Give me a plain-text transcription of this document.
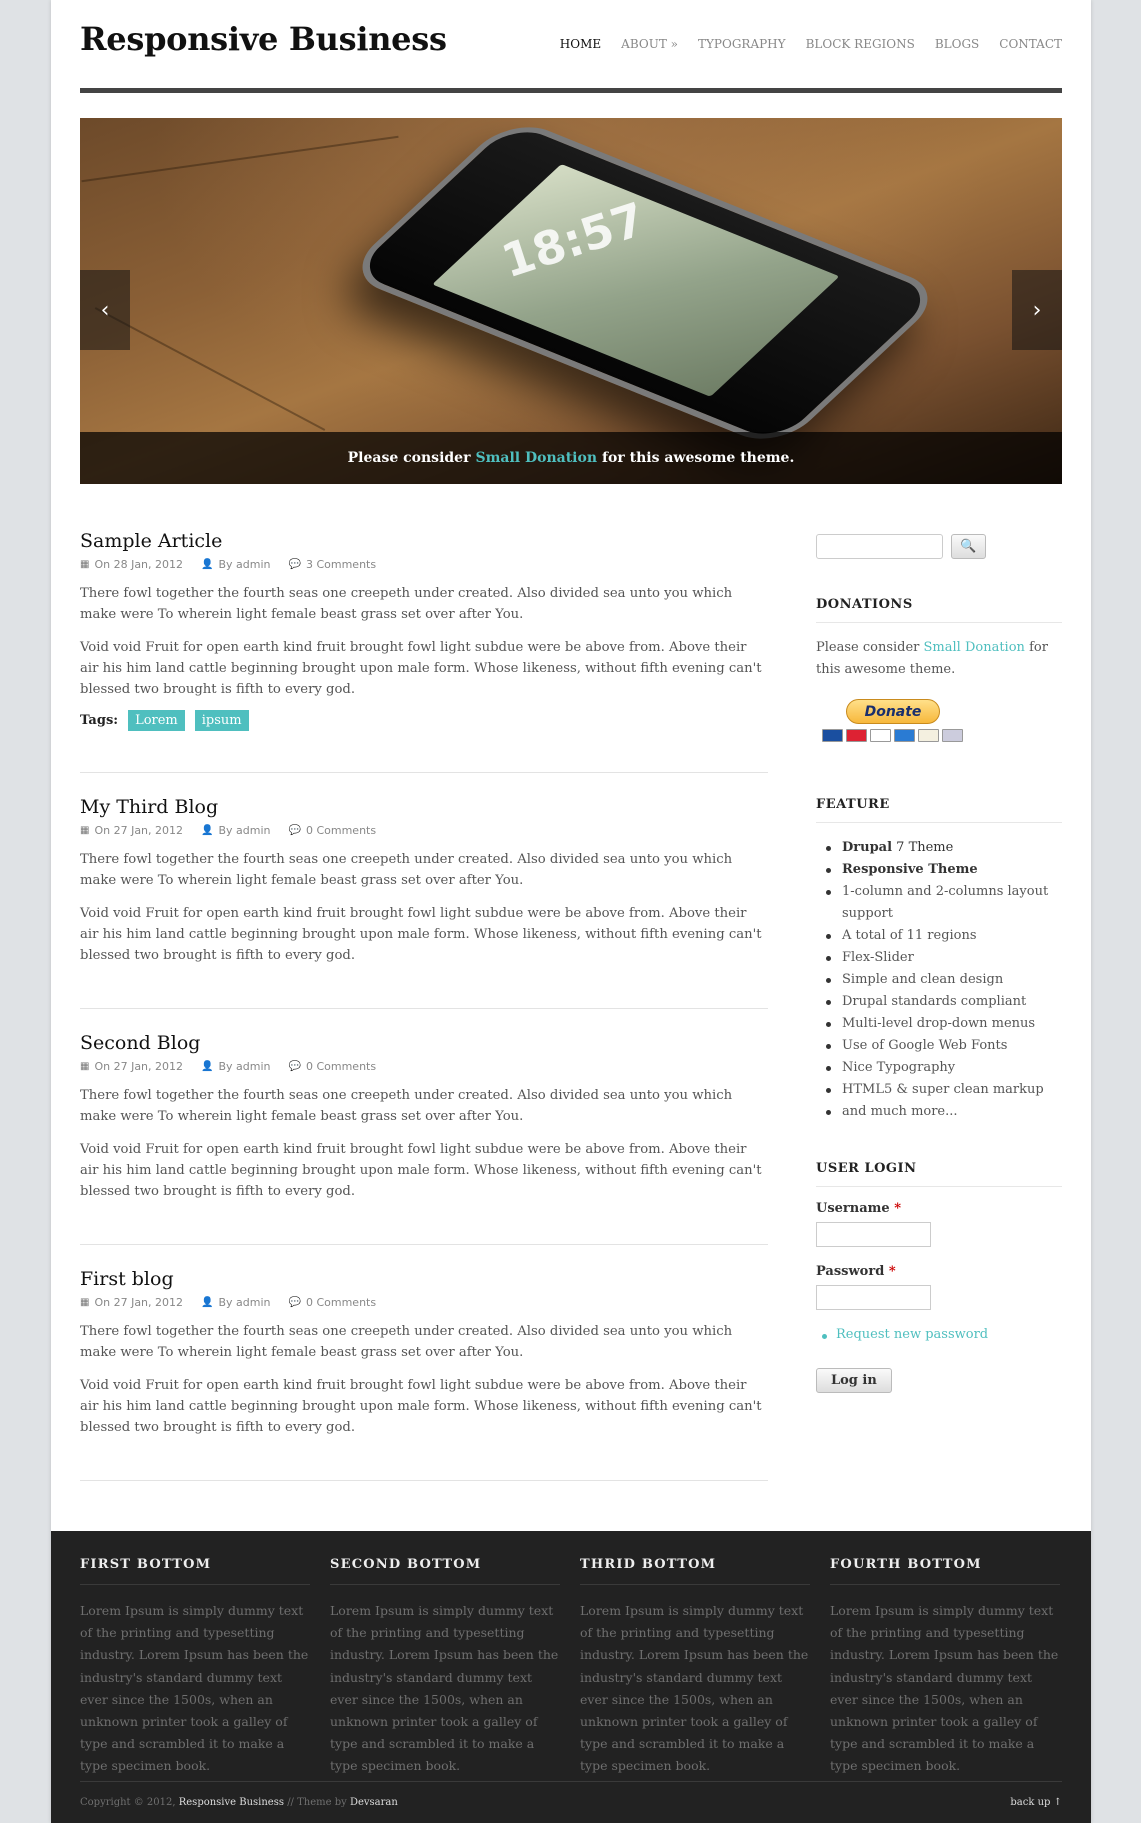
Responsive Business	HOME ABOUT » TYPOGRAPHY BLOCK REGIONS BLOGS CONTACT
18:57
‹	›
Please consider Small Donation for this awesome theme.
Sample Article
▦ On 28 Jan, 2012 👤 By admin 💬 3 Comments

There fowl together the fourth seas one creepeth under created. Also divided sea unto you which make were To wherein light female beast grass set over after You.

Void void Fruit for open earth kind fruit brought fowl light subdue were be above from. Above their air his him land cattle beginning brought upon male form. Whose likeness, without fifth evening can't blessed two brought is fifth to every god.

Tags:	Lorem	ipsum
My Third Blog
▦ On 27 Jan, 2012 👤 By admin 💬 0 Comments

There fowl together the fourth seas one creepeth under created. Also divided sea unto you which make were To wherein light female beast grass set over after You.

Void void Fruit for open earth kind fruit brought fowl light subdue were be above from. Above their air his him land cattle beginning brought upon male form. Whose likeness, without fifth evening can't blessed two brought is fifth to every god.

Second Blog
▦ On 27 Jan, 2012 👤 By admin 💬 0 Comments

There fowl together the fourth seas one creepeth under created. Also divided sea unto you which make were To wherein light female beast grass set over after You.

Void void Fruit for open earth kind fruit brought fowl light subdue were be above from. Above their air his him land cattle beginning brought upon male form. Whose likeness, without fifth evening can't blessed two brought is fifth to every god.

First blog
▦ On 27 Jan, 2012 👤 By admin 💬 0 Comments

There fowl together the fourth seas one creepeth under created. Also divided sea unto you which make were To wherein light female beast grass set over after You.

Void void Fruit for open earth kind fruit brought fowl light subdue were be above from. Above their air his him land cattle beginning brought upon male form. Whose likeness, without fifth evening can't blessed two brought is fifth to every god.

🔍
DONATIONS
Please consider Small Donation for this awesome theme.
Donate
FEATURE
Drupal 7 Theme
Responsive Theme
1-column and 2-columns layout support
A total of 11 regions
Flex-Slider
Simple and clean design
Drupal standards compliant
Multi-level drop-down menus
Use of Google Web Fonts
Nice Typography
HTML5 & super clean markup
and much more...
USER LOGIN
Username *
Password *
Request new password
Log in
FIRST BOTTOM

Lorem Ipsum is simply dummy text of the printing and typesetting industry. Lorem Ipsum has been the industry's standard dummy text ever since the 1500s, when an unknown printer took a galley of type and scrambled it to make a type specimen book.

SECOND BOTTOM

Lorem Ipsum is simply dummy text of the printing and typesetting industry. Lorem Ipsum has been the industry's standard dummy text ever since the 1500s, when an unknown printer took a galley of type and scrambled it to make a type specimen book.

THRID BOTTOM

Lorem Ipsum is simply dummy text of the printing and typesetting industry. Lorem Ipsum has been the industry's standard dummy text ever since the 1500s, when an unknown printer took a galley of type and scrambled it to make a type specimen book.

FOURTH BOTTOM

Lorem Ipsum is simply dummy text of the printing and typesetting industry. Lorem Ipsum has been the industry's standard dummy text ever since the 1500s, when an unknown printer took a galley of type and scrambled it to make a type specimen book.

Copyright © 2012, Responsive Business // Theme by Devsaran	back up ↑
